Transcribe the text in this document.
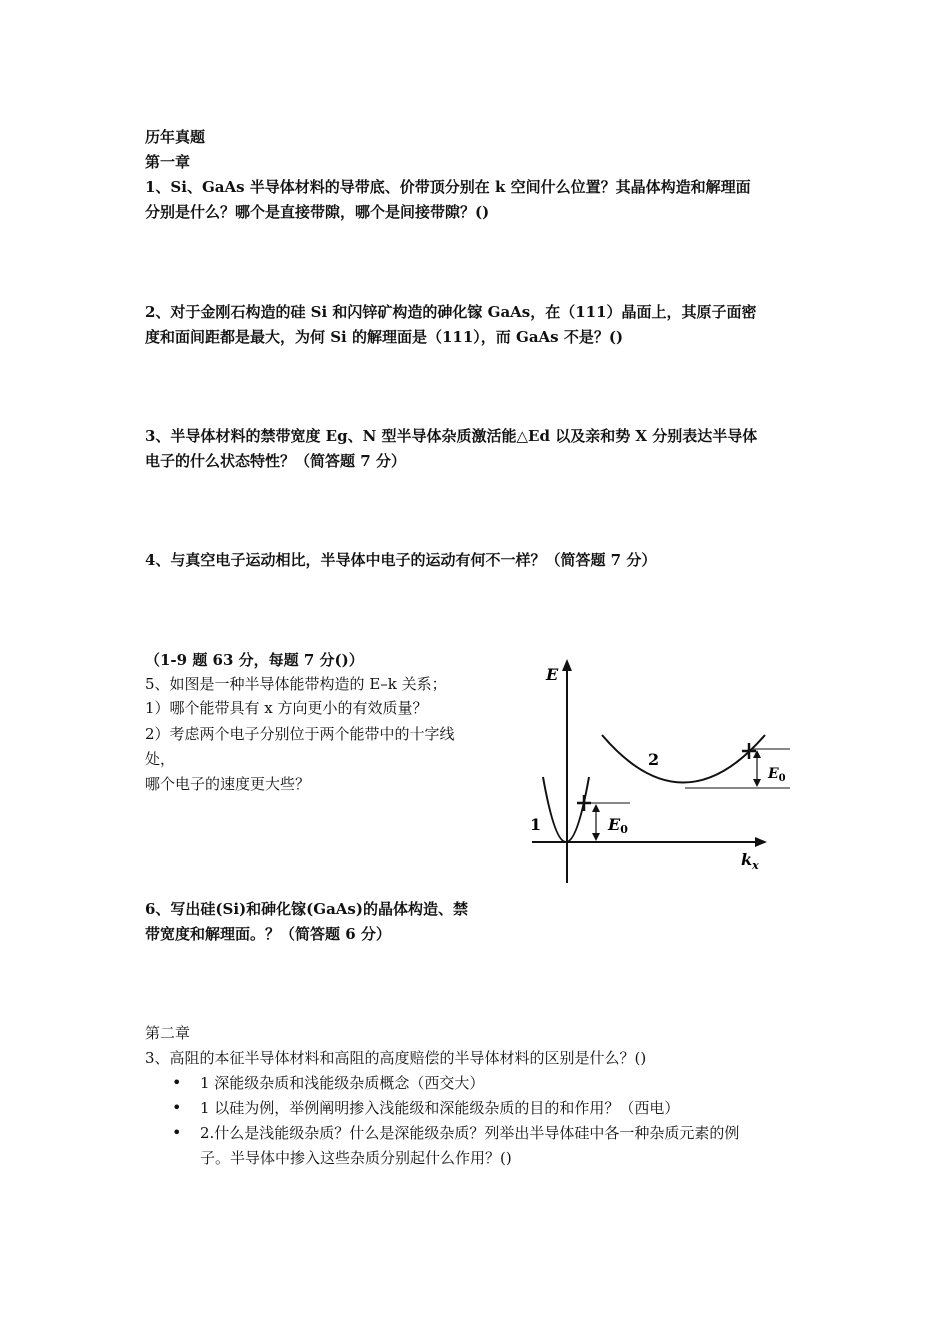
历年真题
第一章
1、Si、GaAs 半导体材料的导带底、价带顶分别在 k 空间什么位置？其晶体构造和解理面
分别是什么？哪个是直接带隙，哪个是间接带隙？()
2、对于金刚石构造的硅 Si 和闪锌矿构造的砷化镓 GaAs，在（111）晶面上，其原子面密
度和面间距都是最大，为何 Si 的解理面是（111），而 GaAs 不是？()
3、半导体材料的禁带宽度 Eg、N 型半导体杂质激活能△Ed 以及亲和势 X 分别表达半导体
电子的什么状态特性？（简答题 7 分）
4、与真空电子运动相比，半导体中电子的运动有何不一样？（简答题 7 分）
（1-9 题 63 分，每题 7 分()）
5、如图是一种半导体能带构造的 E–k 关系；
1）哪个能带具有 x 方向更小的有效质量？
2）考虑两个电子分别位于两个能带中的十字线
处，
哪个电子的速度更大些？
E
1
2
E0
$E_0$
$k_x$
6、写出硅(Si)和砷化镓(GaAs)的晶体构造、禁
带宽度和解理面。？（简答题 6 分）
第二章
3、高阻的本征半导体材料和高阻的高度赔偿的半导体材料的区别是什么？()
• 1 深能级杂质和浅能级杂质概念（西交大）
• 1 以硅为例，举例阐明掺入浅能级和深能级杂质的目的和作用？（西电）
• 2.什么是浅能级杂质？什么是深能级杂质？列举出半导体硅中各一种杂质元素的例
子。半导体中掺入这些杂质分别起什么作用？()
